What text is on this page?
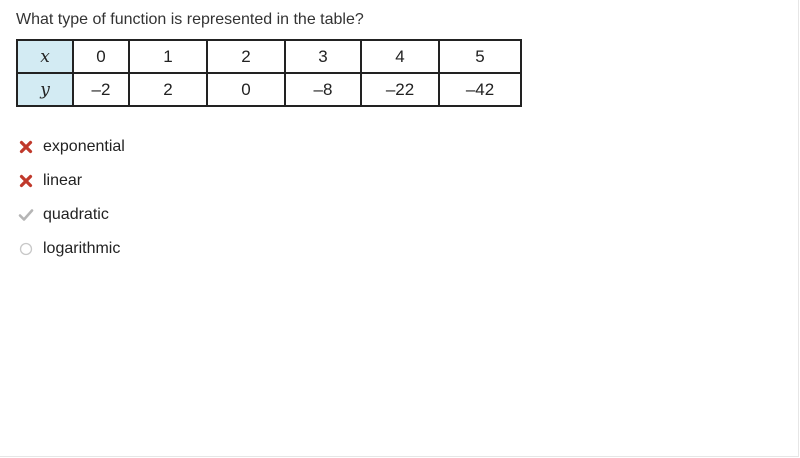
What type of function is represented in the table?
x	0	1	2	3	4	5
y	–2	2	0	–8	–22	–42
exponential
linear
quadratic
logarithmic
